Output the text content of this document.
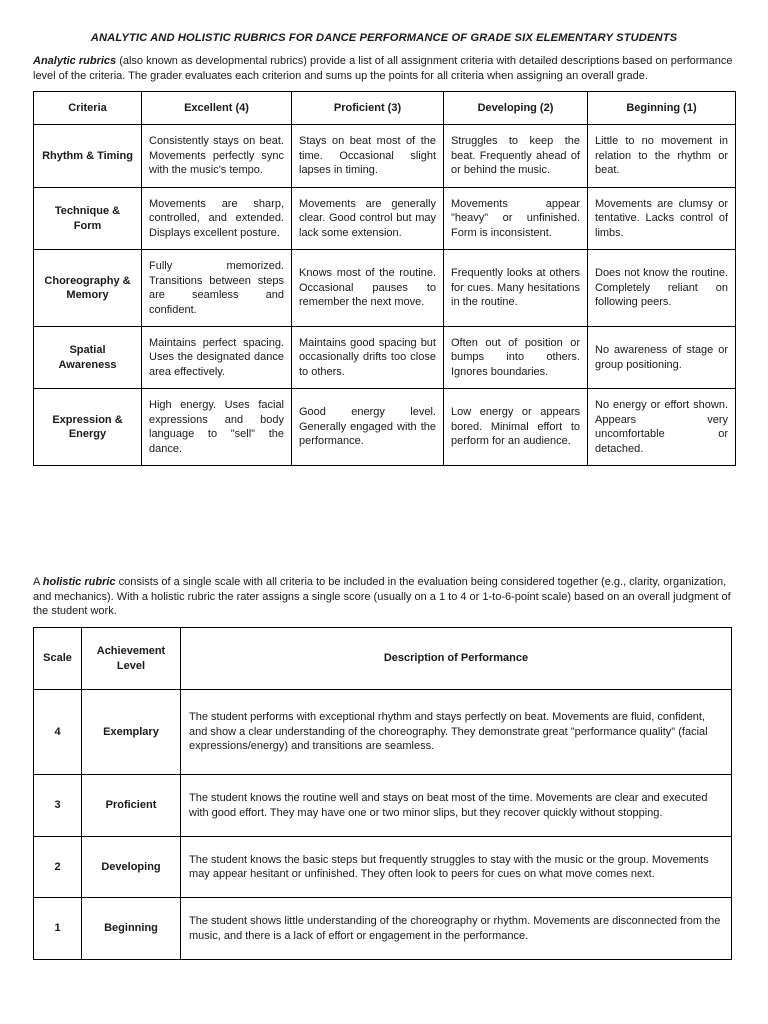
ANALYTIC AND HOLISTIC RUBRICS FOR DANCE PERFORMANCE OF GRADE SIX ELEMENTARY STUDENTS
Analytic rubrics (also known as developmental rubrics) provide a list of all assignment criteria with detailed descriptions based on performance level of the criteria. The grader evaluates each criterion and sums up the points for all criteria when assigning an overall grade.
Criteria	Excellent (4)	Proficient (3)	Developing (2)	Beginning (1)
Rhythm & Timing	Consistently stays on beat. Movements perfectly sync with the music's tempo.	Stays on beat most of the time. Occasional slight lapses in timing.	Struggles to keep the beat. Frequently ahead of or behind the music.	Little to no movement in relation to the rhythm or beat.
Technique & Form	Movements are sharp, controlled, and extended. Displays excellent posture.	Movements are generally clear. Good control but may lack some extension.	Movements appear "heavy" or unfinished. Form is inconsistent.	Movements are clumsy or tentative. Lacks control of limbs.
Choreography & Memory	Fully memorized. Transitions between steps are seamless and confident.	Knows most of the routine. Occasional pauses to remember the next move.	Frequently looks at others for cues. Many hesitations in the routine.	Does not know the routine. Completely reliant on following peers.
Spatial Awareness	Maintains perfect spacing. Uses the designated dance area effectively.	Maintains good spacing but occasionally drifts too close to others.	Often out of position or bumps into others. Ignores boundaries.	No awareness of stage or group positioning.
Expression & Energy	High energy. Uses facial expressions and body language to "sell" the dance.	Good energy level. Generally engaged with the performance.	Low energy or appears bored. Minimal effort to perform for an audience.	No energy or effort shown. Appears very uncomfortable or detached.
A holistic rubric consists of a single scale with all criteria to be included in the evaluation being considered together (e.g., clarity, organization, and mechanics). With a holistic rubric the rater assigns a single score (usually on a 1 to 4 or 1-to-6-point scale) based on an overall judgment of the student work.
Scale	Achievement Level	Description of Performance
4	Exemplary	The student performs with exceptional rhythm and stays perfectly on beat. Movements are fluid, confident, and show a clear understanding of the choreography. They demonstrate great "performance quality" (facial expressions/energy) and transitions are seamless.
3	Proficient	The student knows the routine well and stays on beat most of the time. Movements are clear and executed with good effort. They may have one or two minor slips, but they recover quickly without stopping.
2	Developing	The student knows the basic steps but frequently struggles to stay with the music or the group. Movements may appear hesitant or unfinished. They often look to peers for cues on what move comes next.
1	Beginning	The student shows little understanding of the choreography or rhythm. Movements are disconnected from the music, and there is a lack of effort or engagement in the performance.
